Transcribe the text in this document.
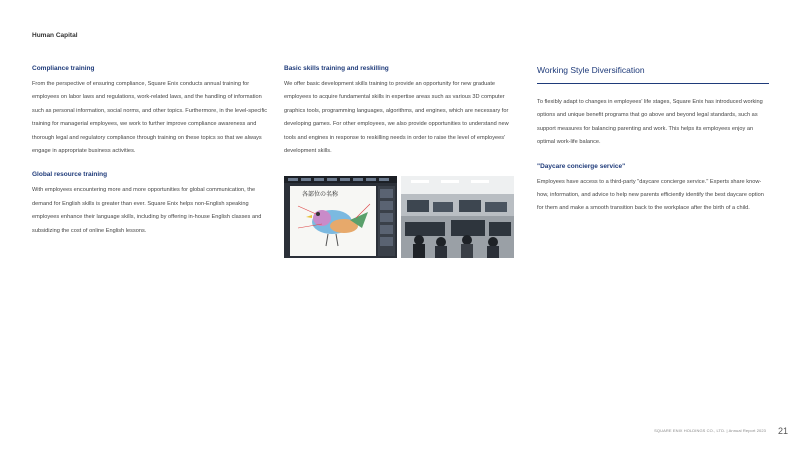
Human Capital
Compliance training

From the perspective of ensuring compliance, Square Enix conducts annual training for employees on labor laws and regulations, work-related laws, and the handling of information such as personal information, social norms, and other topics. Furthermore, in the level-specific training for managerial employees, we work to further improve compliance awareness and thorough legal and regulatory compliance through training on these topics so that we always engage in appropriate business activities.

Global resource training

With employees encountering more and more opportunities for global communication, the demand for English skills is greater than ever. Square Enix helps non-English speaking employees enhance their language skills, including by offering in-house English classes and subsidizing the cost of online English lessons.

Basic skills training and reskilling

We offer basic development skills training to provide an opportunity for new graduate employees to acquire fundamental skills in expertise areas such as various 3D computer graphics tools, programming languages, algorithms, and engines, which are necessary for developing games. For other employees, we also provide opportunities to understand new tools and engines in response to reskilling needs in order to raise the level of employees' development skills.

各部位の名称
Working Style Diversification

To flexibly adapt to changes in employees' life stages, Square Enix has introduced working options and unique benefit programs that go above and beyond legal standards, such as support measures for balancing parenting and work. This helps its employees enjoy an optimal work-life balance.

"Daycare concierge service"

Employees have access to a third-party "daycare concierge service." Experts share know-how, information, and advice to help new parents efficiently identify the best daycare option for them and make a smooth transition back to the workplace after the birth of a child.

SQUARE ENIX HOLDINGS CO., LTD. | Annual Report 2023 21
